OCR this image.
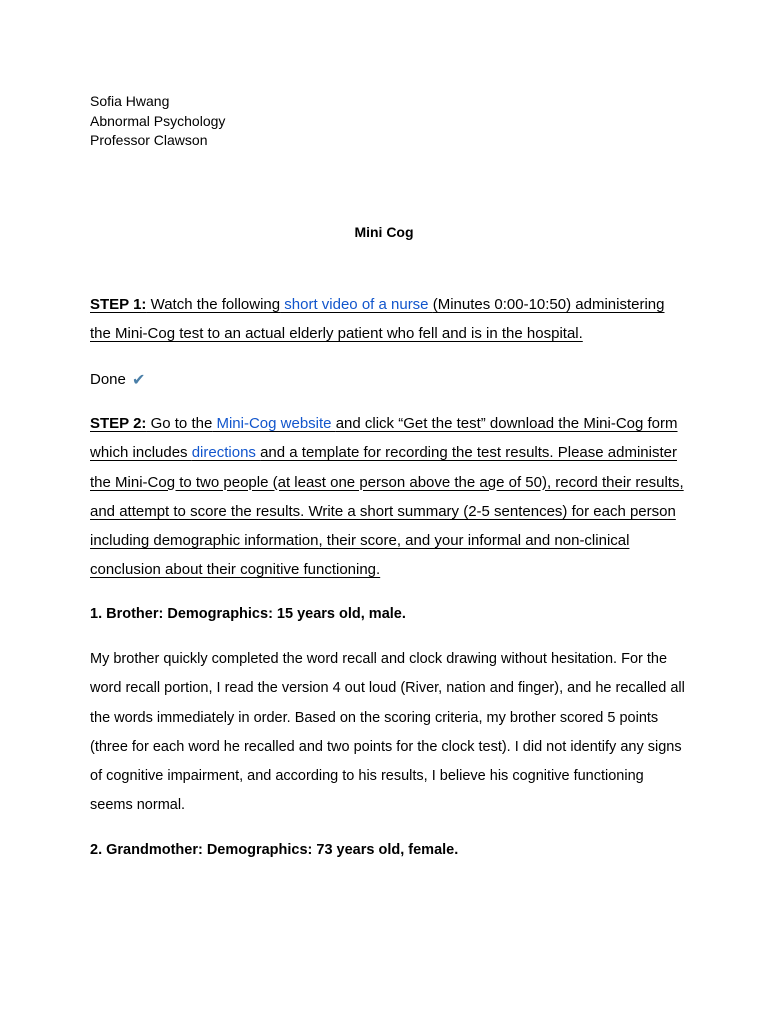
Sofia Hwang
Abnormal Psychology
Professor Clawson
Mini Cog
STEP 1: Watch the following short video of a nurse (Minutes 0:00-10:50) administering the Mini-Cog test to an actual elderly patient who fell and is in the hospital.
Done ✔
STEP 2: Go to the Mini-Cog website and click “Get the test” download the Mini-Cog form which includes directions and a template for recording the test results. Please administer the Mini-Cog to two people (at least one person above the age of 50), record their results, and attempt to score the results. Write a short summary (2-5 sentences) for each person including demographic information, their score, and your informal and non-clinical conclusion about their cognitive functioning.
1. Brother: Demographics: 15 years old, male.
My brother quickly completed the word recall and clock drawing without hesitation. For the word recall portion, I read the version 4 out loud (River, nation and finger), and he recalled all the words immediately in order. Based on the scoring criteria, my brother scored 5 points (three for each word he recalled and two points for the clock test). I did not identify any signs of cognitive impairment, and according to his results, I believe his cognitive functioning seems normal.
2. Grandmother: Demographics: 73 years old, female.
